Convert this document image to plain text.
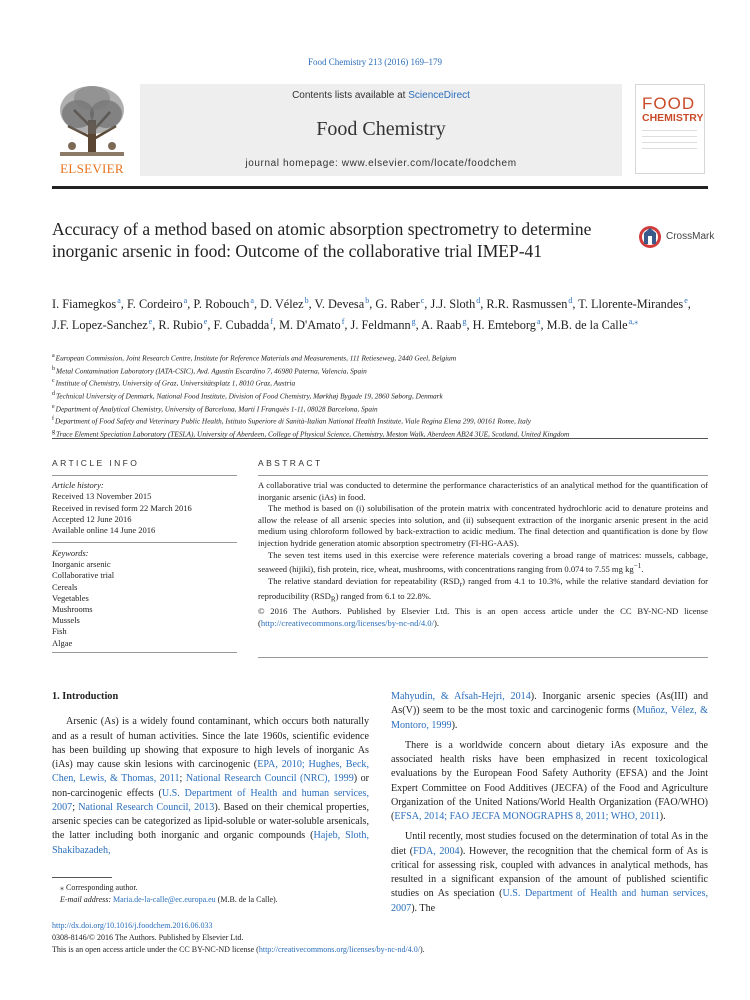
Food Chemistry 213 (2016) 169–179
ELSEVIER
Contents lists available at ScienceDirect
Food Chemistry
journal homepage: www.elsevier.com/locate/foodchem
FOOD
CHEMISTRY
Accuracy of a method based on atomic absorption spectrometry to determine inorganic arsenic in food: Outcome of the collaborative trial IMEP-41
CrossMark
I. Fiamegkos$^a$, F. Cordeiro$^a$, P. Robouch$^a$, D. Vélez$^b$, V. Devesa$^b$, G. Raber$^c$, J.J. Sloth$^d$, R.R. Rasmussen$^d$, T. Llorente-Mirandes$^e$, J.F. Lopez-Sanchez$^e$, R. Rubio$^e$, F. Cubadda$^f$, M. D'Amato$^f$, J. Feldmann$^g$, A. Raab$^g$, H. Emteborg$^a$, M.B. de la Calle$^{a,⁎}$
$^a$European Commission, Joint Research Centre, Institute for Reference Materials and Measurements, 111 Retieseweg, 2440 Geel, Belgium
$^b$Metal Contamination Laboratory (IATA-CSIC), Avd. Agustín Escardino 7, 46980 Paterna, Valencia, Spain
$^c$Institute of Chemistry, University of Graz, Universitätsplatz 1, 8010 Graz, Austria
$^d$Technical University of Denmark, National Food Institute, Division of Food Chemistry, Mørkhøj Bygade 19, 2860 Søborg, Denmark
$^e$Department of Analytical Chemistry, University of Barcelona, Martí I Franquès 1-11, 08028 Barcelona, Spain
$^f$Department of Food Safety and Veterinary Public Health, Istituto Superiore di Sanità-Italian National Health Institute, Viale Regina Elena 299, 00161 Rome, Italy
$^g$Trace Element Speciation Laboratory (TESLA), University of Aberdeen, College of Physical Science, Chemistry, Meston Walk, Aberdeen AB24 3UE, Scotland, United Kingdom
ARTICLE INFO	ABSTRACT
Article history:
Received 13 November 2015
Received in revised form 22 March 2016
Accepted 12 June 2016
Available online 14 June 2016
Keywords:
Inorganic arsenic
Collaborative trial
Cereals
Vegetables
Mushrooms
Mussels
Fish
Algae

A collaborative trial was conducted to determine the performance characteristics of an analytical method for the quantification of inorganic arsenic (iAs) in food.

The method is based on (i) solubilisation of the protein matrix with concentrated hydrochloric acid to denature proteins and allow the release of all arsenic species into solution, and (ii) subsequent extraction of the inorganic arsenic present in the acid medium using chloroform followed by back-extraction to acidic medium. The final detection and quantification is done by flow injection hydride generation atomic absorption spectrometry (FI-HG-AAS).

The seven test items used in this exercise were reference materials covering a broad range of matrices: mussels, cabbage, seaweed (hijiki), fish protein, rice, wheat, mushrooms, with concentrations ranging from 0.074 to 7.55 mg $kg^{-1}$.

The relative standard deviation for repeatability $(RSD_r)$ ranged from 4.1 to 10.3%, while the relative standard deviation for reproducibility $(RSD_R)$ ranged from 6.1 to 22.8%.

© 2016 The Authors. Published by Elsevier Ltd. This is an open access article under the CC BY-NC-ND license (http://creativecommons.org/licenses/by-nc-nd/4.0/).

1. Introduction

Arsenic (As) is a widely found contaminant, which occurs both naturally and as a result of human activities. Since the late 1960s, scientific evidence has been building up showing that exposure to high levels of inorganic As (iAs) may cause skin lesions with carcinogenic (EPA, 2010; Hughes, Beck, Chen, Lewis, & Thomas, 2011; National Research Council (NRC), 1999) or non-carcinogenic effects (U.S. Department of Health and human services, 2007; National Research Council, 2013). Based on their chemical properties, arsenic species can be categorized as lipid-soluble or water-soluble arsenicals, the latter including both inorganic and organic compounds (Hajeb, Sloth, Shakibazadeh,

Mahyudin, & Afsah-Hejri, 2014). Inorganic arsenic species (As(III) and As(V)) seem to be the most toxic and carcinogenic forms (Muñoz, Vélez, & Montoro, 1999).

There is a worldwide concern about dietary iAs exposure and the associated health risks have been emphasized in recent toxicological evaluations by the European Food Safety Authority (EFSA) and the Joint Expert Committee on Food Additives (JECFA) of the Food and Agriculture Organization of the United Nations/World Health Organization (FAO/WHO) (EFSA, 2014; FAO JECFA MONOGRAPHS 8, 2011; WHO, 2011).

Until recently, most studies focused on the determination of total As in the diet (FDA, 2004). However, the recognition that the chemical form of As is critical for assessing risk, coupled with advances in analytical methods, has resulted in a significant expansion of the amount of published scientific studies on As speciation (U.S. Department of Health and human services, 2007). The

⁎ Corresponding author.
E-mail address: Maria.de-la-calle@ec.europa.eu (M.B. de la Calle).
http://dx.doi.org/10.1016/j.foodchem.2016.06.033
0308-8146/© 2016 The Authors. Published by Elsevier Ltd.
This is an open access article under the CC BY-NC-ND license (http://creativecommons.org/licenses/by-nc-nd/4.0/).
